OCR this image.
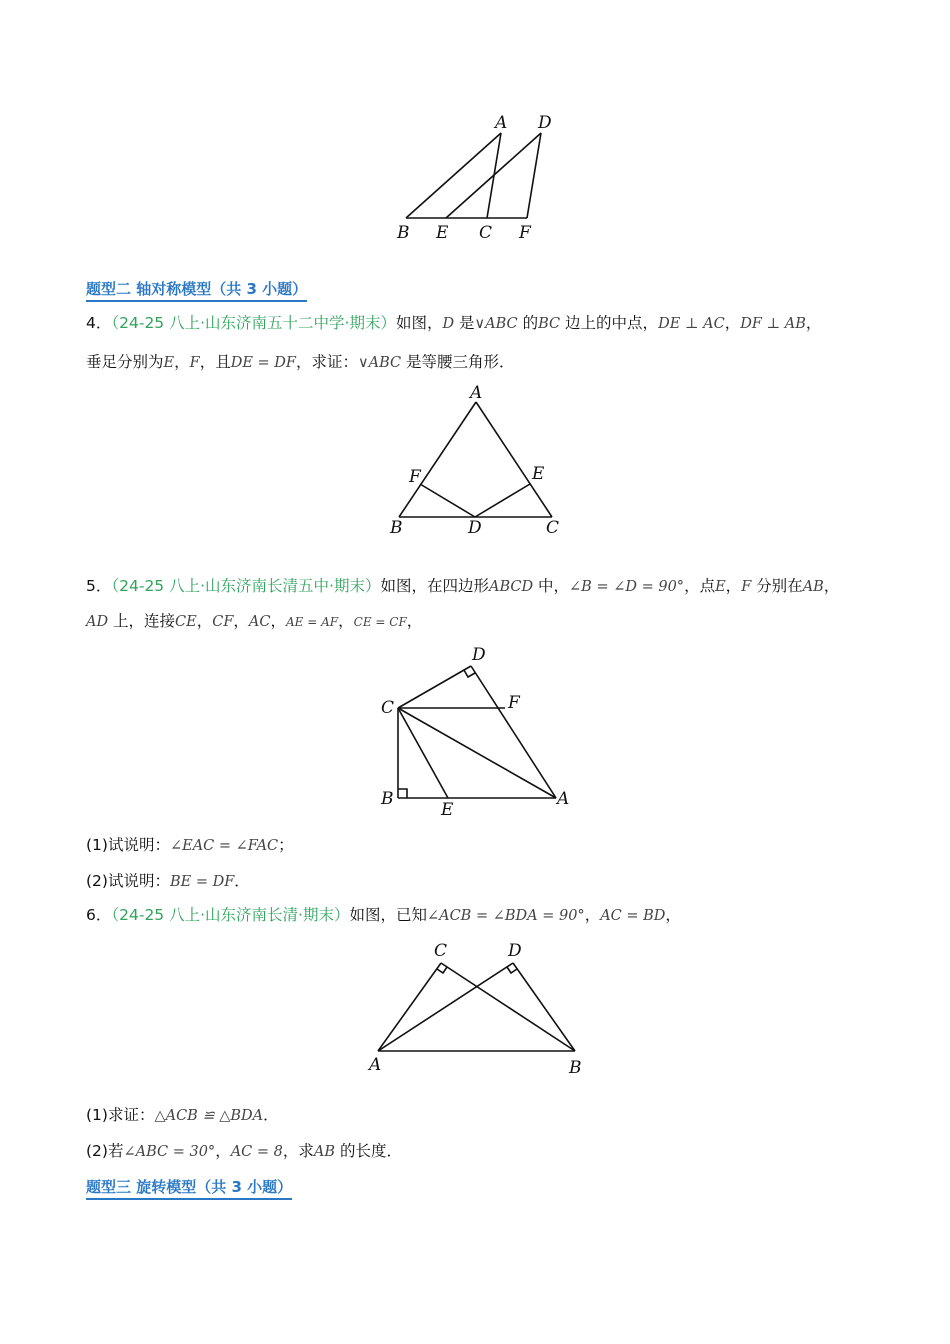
A D
B E C F
题型二 轴对称模型（共 3 小题）
4．（24-25 八上·山东济南五十二中学·期末）如图，D 是∨ABC 的BC 边上的中点，DE ⊥ AC，DF ⊥ AB，
垂足分别为E，F，且DE = DF，求证：∨ABC 是等腰三角形．
A
F	E
B	D	C
5．（24-25 八上·山东济南长清五中·期末）如图，在四边形ABCD 中，∠B = ∠D = 90°，点E，F 分别在AB，
AD 上，连接CE，CF，AC，AE = AF，CE = CF，
D
C	F
B
E
A
(1)试说明：∠EAC = ∠FAC；
(2)试说明：BE = DF．
6．（24-25 八上·山东济南长清·期末）如图，已知∠ACB = ∠BDA = 90°，AC = BD，
C	D
A	B
(1)求证：△ACB ≌ △BDA．
(2)若∠ABC = 30°，AC = 8，求AB 的长度．
题型三 旋转模型（共 3 小题）
